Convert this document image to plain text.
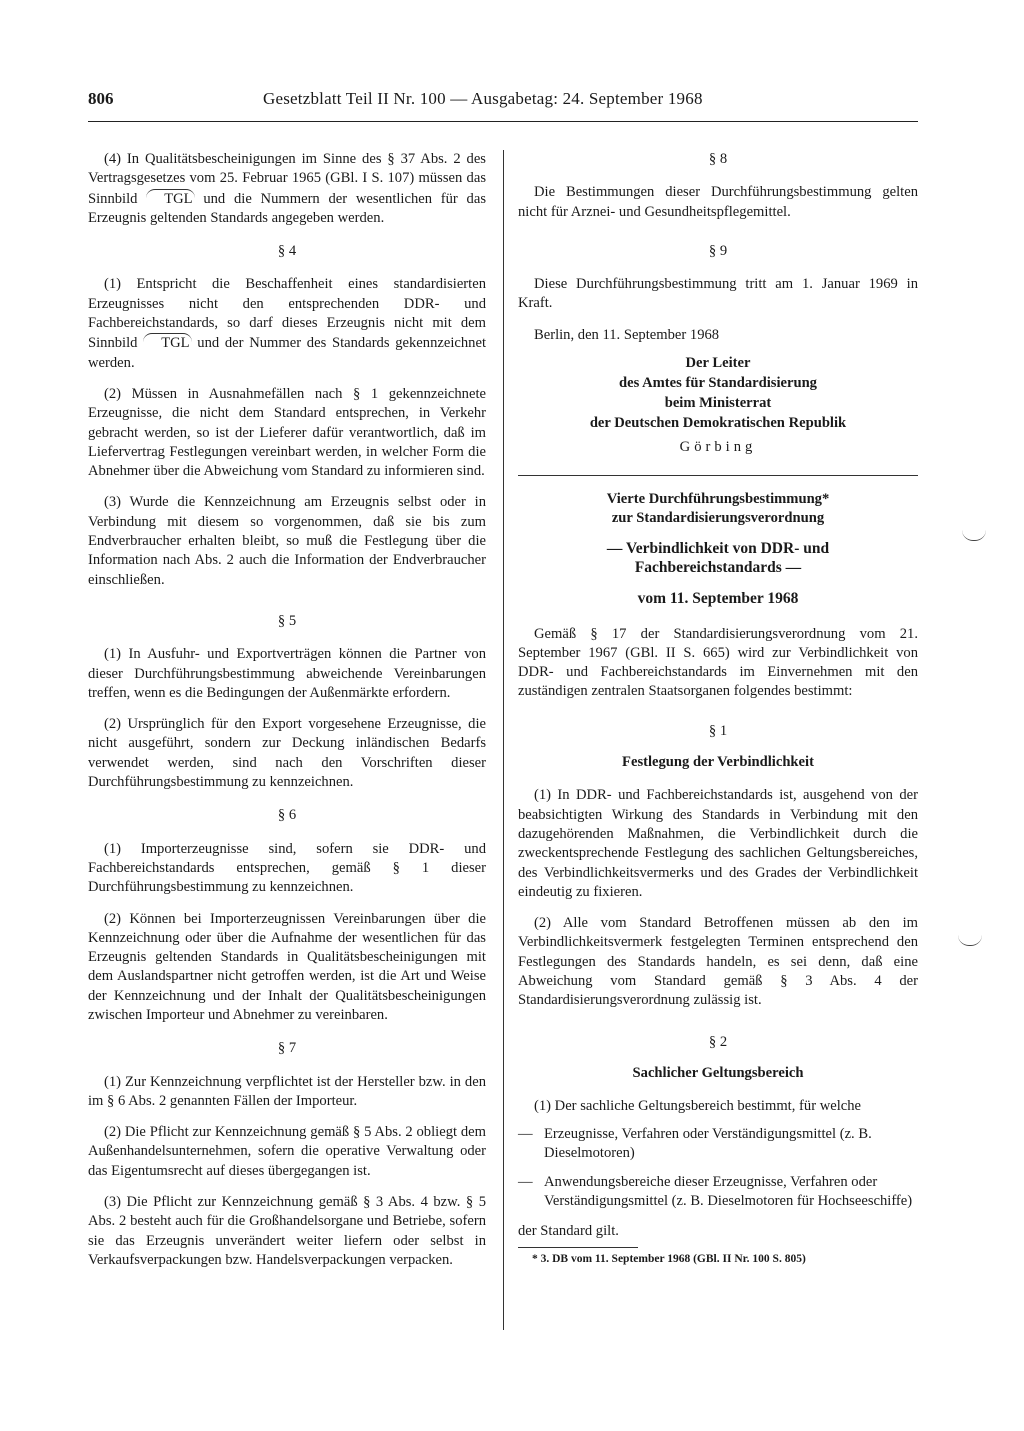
806	Gesetzblatt Teil II Nr. 100 — Ausgabetag: 24. September 1968

(4) In Qualitätsbescheinigungen im Sinne des § 37 Abs. 2 des Vertragsgesetzes vom 25. Februar 1965 (GBl. I S. 107) müssen das Sinnbild TGL und die Nummern der wesentlichen für das Erzeugnis geltenden Standards angegeben werden.

§ 4

(1) Entspricht die Beschaffenheit eines standardisierten Erzeugnisses nicht den entsprechenden DDR- und Fachbereichstandards, so darf dieses Erzeugnis nicht mit dem Sinnbild TGL und der Nummer des Standards gekennzeichnet werden.

(2) Müssen in Ausnahmefällen nach § 1 gekennzeichnete Erzeugnisse, die nicht dem Standard entsprechen, in Verkehr gebracht werden, so ist der Lieferer dafür verantwortlich, daß im Liefervertrag Festlegungen vereinbart werden, in welcher Form die Abnehmer über die Abweichung vom Standard zu informieren sind.

(3) Wurde die Kennzeichnung am Erzeugnis selbst oder in Verbindung mit diesem so vorgenommen, daß sie bis zum Endverbraucher erhalten bleibt, so muß die Festlegung über die Information nach Abs. 2 auch die Information der Endverbraucher einschließen.

§ 5

(1) In Ausfuhr- und Exportverträgen können die Partner von dieser Durchführungsbestimmung abweichende Vereinbarungen treffen, wenn es die Bedingungen der Außenmärkte erfordern.

(2) Ursprünglich für den Export vorgesehene Erzeugnisse, die nicht ausgeführt, sondern zur Deckung inländischen Bedarfs verwendet werden, sind nach den Vorschriften dieser Durchführungsbestimmung zu kennzeichnen.

§ 6

(1) Importerzeugnisse sind, sofern sie DDR- und Fachbereichstandards entsprechen, gemäß § 1 dieser Durchführungsbestimmung zu kennzeichnen.

(2) Können bei Importerzeugnissen Vereinbarungen über die Kennzeichnung oder über die Aufnahme der wesentlichen für das Erzeugnis geltenden Standards in Qualitätsbescheinigungen mit dem Auslandspartner nicht getroffen werden, ist die Art und Weise der Kennzeichnung und der Inhalt der Qualitätsbescheinigungen zwischen Importeur und Abnehmer zu vereinbaren.

§ 7

(1) Zur Kennzeichnung verpflichtet ist der Hersteller bzw. in den im § 6 Abs. 2 genannten Fällen der Importeur.

(2) Die Pflicht zur Kennzeichnung gemäß § 5 Abs. 2 obliegt dem Außenhandelsunternehmen, sofern die operative Verwaltung oder das Eigentumsrecht auf dieses übergegangen ist.

(3) Die Pflicht zur Kennzeichnung gemäß § 3 Abs. 4 bzw. § 5 Abs. 2 besteht auch für die Großhandelsorgane und Betriebe, sofern sie das Erzeugnis unverändert weiter liefern oder selbst in Verkaufsverpackungen bzw. Handelsverpackungen verpacken.

§ 8

Die Bestimmungen dieser Durchführungsbestimmung gelten nicht für Arznei- und Gesundheitspflegemittel.

§ 9

Diese Durchführungsbestimmung tritt am 1. Januar 1969 in Kraft.

Berlin, den 11. September 1968

Der Leiter

des Amtes für Standardisierung

beim Ministerrat

der Deutschen Demokratischen Republik

Görbing

Vierte Durchführungsbestimmung*

zur Standardisierungsverordnung

— Verbindlichkeit von DDR- und

Fachbereichstandards —

vom 11. September 1968

Gemäß § 17 der Standardisierungsverordnung vom 21. September 1967 (GBl. II S. 665) wird zur Verbindlichkeit von DDR- und Fachbereichstandards im Einvernehmen mit den zuständigen zentralen Staatsorganen folgendes bestimmt:

§ 1

Festlegung der Verbindlichkeit

(1) In DDR- und Fachbereichstandards ist, ausgehend von der beabsichtigten Wirkung des Standards in Verbindung mit den dazugehörenden Maßnahmen, die Verbindlichkeit durch die zweckentsprechende Festlegung des sachlichen Geltungsbereiches, des Verbindlichkeitsvermerks und des Grades der Verbindlichkeit eindeutig zu fixieren.

(2) Alle vom Standard Betroffenen müssen ab den im Verbindlichkeitsvermerk festgelegten Terminen entsprechend den Festlegungen des Standards handeln, es sei denn, daß eine Abweichung vom Standard gemäß § 3 Abs. 4 der Standardisierungsverordnung zulässig ist.

§ 2

Sachlicher Geltungsbereich

(1) Der sachliche Geltungsbereich bestimmt, für welche

— Erzeugnisse, Verfahren oder Verständigungsmittel (z. B. Dieselmotoren)
— Anwendungsbereiche dieser Erzeugnisse, Verfahren oder Verständigungsmittel (z. B. Dieselmotoren für Hochseeschiffe)

der Standard gilt.

* 3. DB vom 11. September 1968 (GBl. II Nr. 100 S. 805)
